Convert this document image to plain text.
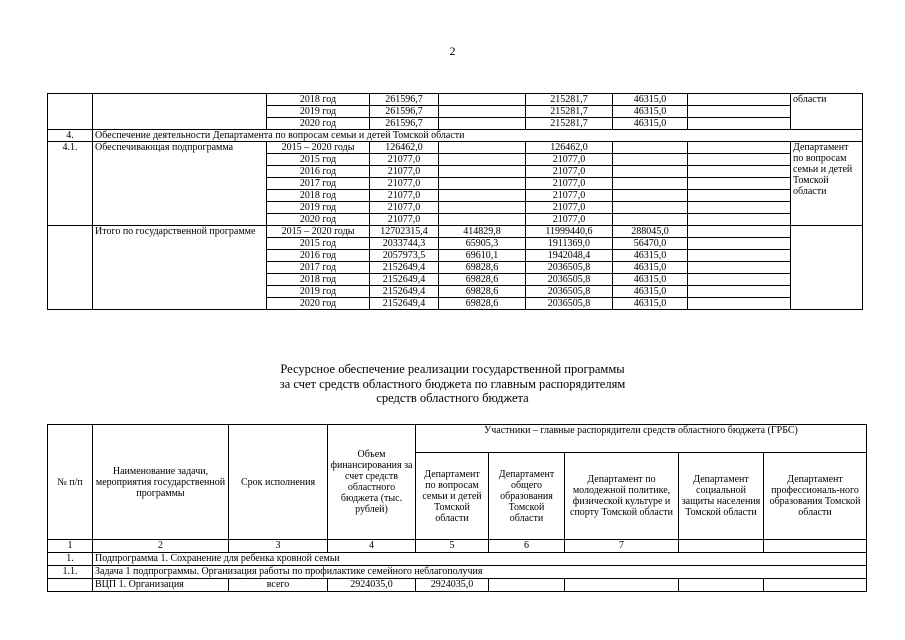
2
		2018 год	261596,7		215281,7	46315,0		области	
		2019 год	261596,7		215281,7	46315,0			
		2020 год	261596,7		215281,7	46315,0			
4.	Обеспечение деятельности Департамента по вопросам семьи и детей Томской области								
4.1.	Обеспечивающая подпрограмма	2015 – 2020 годы	126462,0		126462,0			Департамент по вопросам семьи и детей Томской области	
		2015 год	21077,0		21077,0				
		2016 год	21077,0		21077,0				
		2017 год	21077,0		21077,0				
		2018 год	21077,0		21077,0				
		2019 год	21077,0		21077,0				
		2020 год	21077,0		21077,0				
	Итого по государственной программе	2015 – 2020 годы	12702315,4	414829,8	11999440,6	288045,0			
		2015 год	2033744,3	65905,3	1911369,0	56470,0			
		2016 год	2057973,5	69610,1	1942048,4	46315,0			
		2017 год	2152649,4	69828,6	2036505,8	46315,0			
		2018 год	2152649,4	69828,6	2036505,8	46315,0			
		2019 год	2152649,4	69828,6	2036505,8	46315,0			
		2020 год	2152649,4	69828,6	2036505,8	46315,0			
Ресурсное обеспечение реализации государственной программы
за счет средств областного бюджета по главным распорядителям
средств областного бюджета
№ п/п	Наименование задачи, мероприятия государственной программы	Срок исполнения	Объем финансирования за счет средств областного бюджета (тыс. рублей)	Участники – главные распорядители средств областного бюджета (ГРБС)				
				Департамент по вопросам семьи и детей Томской области	Департамент общего образования Томской области	Департамент по молодежной политике, физической культуре и спорту Томской области	Департамент социальной защиты населения Томской области	Департамент профессиональ-ного образования Томской области
1	2	3	4	5	6	7		
1.	Подпрограмма 1. Сохранение для ребенка кровной семьи							
1.1.	Задача 1 подпрограммы. Организация работы по профилактике семейного неблагополучия							
	ВЦП 1. Организация	всего	2924035,0	2924035,0				
